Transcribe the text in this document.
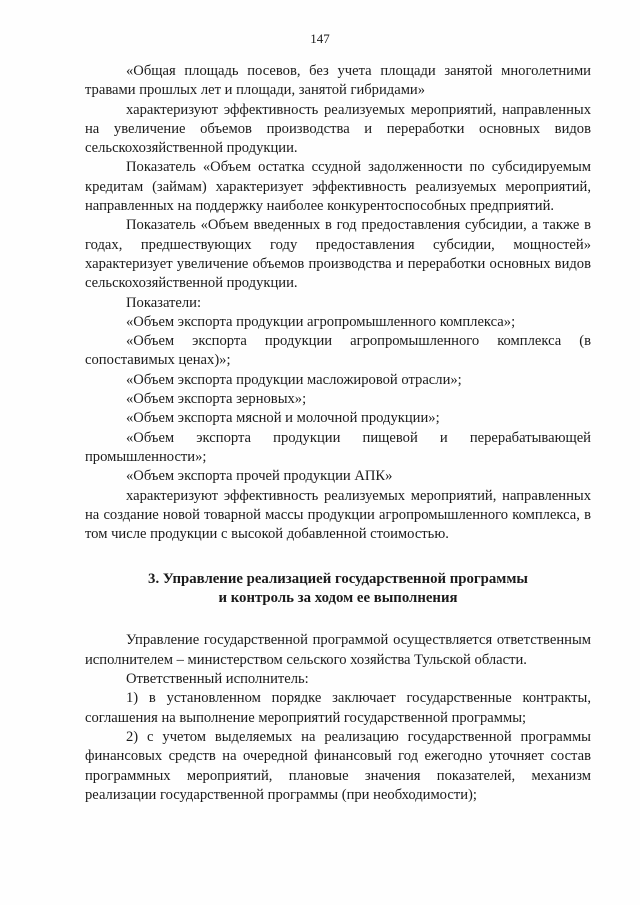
147

«Общая площадь посевов, без учета площади занятой многолетними травами прошлых лет и площади, занятой гибридами»

характеризуют эффективность реализуемых мероприятий, направленных на увеличение объемов производства и переработки основных видов сельскохозяйственной продукции.

Показатель «Объем остатка ссудной задолженности по субсидируемым кредитам (займам) характеризует эффективность реализуемых мероприятий, направленных на поддержку наиболее конкурентоспособных предприятий.

Показатель «Объем введенных в год предоставления субсидии, а также в годах, предшествующих году предоставления субсидии, мощностей» характеризует увеличение объемов производства и переработки основных видов сельскохозяйственной продукции.

Показатели:

«Объем экспорта продукции агропромышленного комплекса»;

«Объем экспорта продукции агропромышленного комплекса (в сопоставимых ценах)»;

«Объем экспорта продукции масложировой отрасли»;

«Объем экспорта зерновых»;

«Объем экспорта мясной и молочной продукции»;

«Объем экспорта продукции пищевой и перерабатывающей промышленности»;

«Объем экспорта прочей продукции АПК»

характеризуют эффективность реализуемых мероприятий, направленных на создание новой товарной массы продукции агропромышленного комплекса, в том числе продукции с высокой добавленной стоимостью.

3. Управление реализацией государственной программы
и контроль за ходом ее выполнения

Управление государственной программой осуществляется ответственным исполнителем – министерством сельского хозяйства Тульской области.

Ответственный исполнитель:

1) в установленном порядке заключает государственные контракты, соглашения на выполнение мероприятий государственной программы;

2) с учетом выделяемых на реализацию государственной программы финансовых средств на очередной финансовый год ежегодно уточняет состав программных мероприятий, плановые значения показателей, механизм реализации государственной программы (при необходимости);
